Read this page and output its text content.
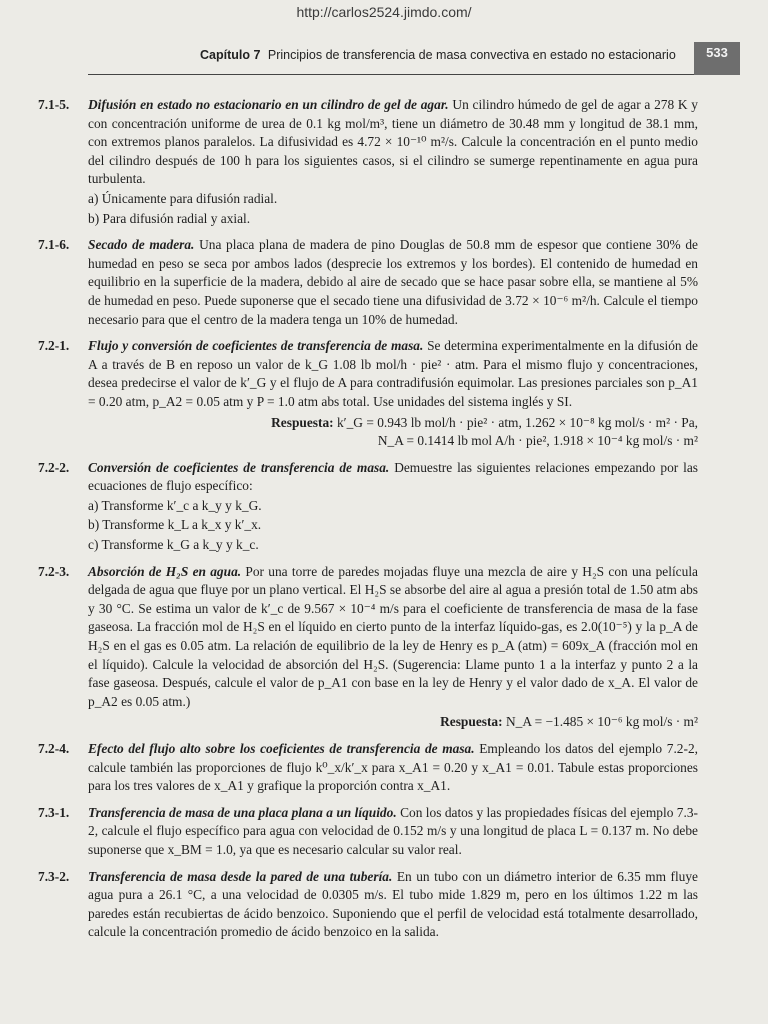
http://carlos2524.jimdo.com/
Capítulo 7 Principios de transferencia de masa convectiva en estado no estacionario	533
7.1-5. Difusión en estado no estacionario en un cilindro de gel de agar. Un cilindro húmedo de gel de agar a 278 K y con concentración uniforme de urea de 0.1 kg mol/m³, tiene un diámetro de 30.48 mm y longitud de 38.1 mm, con extremos planos paralelos. La difusividad es 4.72 × 10⁻¹⁰ m²/s. Calcule la concentración en el punto medio del cilindro después de 100 h para los siguientes casos, si el cilindro se sumerge repentinamente en agua pura turbulenta.
a) Únicamente para difusión radial.
b) Para difusión radial y axial.
7.1-6. Secado de madera. Una placa plana de madera de pino Douglas de 50.8 mm de espesor que contiene 30% de humedad en peso se seca por ambos lados (desprecie los extremos y los bordes). El contenido de humedad en equilibrio en la superficie de la madera, debido al aire de secado que se hace pasar sobre ella, se mantiene al 5% de humedad en peso. Puede suponerse que el secado tiene una difusividad de 3.72 × 10⁻⁶ m²/h. Calcule el tiempo necesario para que el centro de la madera tenga un 10% de humedad.
7.2-1. Flujo y conversión de coeficientes de transferencia de masa. Se determina experimentalmente en la difusión de A a través de B en reposo un valor de k_G 1.08 lb mol/h · pie² · atm. Para el mismo flujo y concentraciones, desea predecirse el valor de k′_G y el flujo de A para contradifusión equimolar. Las presiones parciales son p_A1 = 0.20 atm, p_A2 = 0.05 atm y P = 1.0 atm abs total. Use unidades del sistema inglés y SI.
Respuesta: k′_G = 0.943 lb mol/h · pie² · atm, 1.262 × 10⁻⁸ kg mol/s · m² · Pa,
N_A = 0.1414 lb mol A/h · pie², 1.918 × 10⁻⁴ kg mol/s · m²
7.2-2. Conversión de coeficientes de transferencia de masa. Demuestre las siguientes relaciones empezando por las ecuaciones de flujo específico:
a) Transforme k′_c a k_y y k_G.
b) Transforme k_L a k_x y k′_x.
c) Transforme k_G a k_y y k_c.
7.2-3. Absorción de H₂S en agua. Por una torre de paredes mojadas fluye una mezcla de aire y H₂S con una película delgada de agua que fluye por un plano vertical. El H₂S se absorbe del aire al agua a presión total de 1.50 atm abs y 30 °C. Se estima un valor de k′_c de 9.567 × 10⁻⁴ m/s para el coeficiente de transferencia de masa de la fase gaseosa. La fracción mol de H₂S en el líquido en cierto punto de la interfaz líquido-gas, es 2.0(10⁻⁵) y la p_A de H₂S en el gas es 0.05 atm. La relación de equilibrio de la ley de Henry es p_A (atm) = 609x_A (fracción mol en el líquido). Calcule la velocidad de absorción del H₂S. (Sugerencia: Llame punto 1 a la interfaz y punto 2 a la fase gaseosa. Después, calcule el valor de p_A1 con base en la ley de Henry y el valor dado de x_A. El valor de p_A2 es 0.05 atm.)
Respuesta: N_A = −1.485 × 10⁻⁶ kg mol/s · m²
7.2-4. Efecto del flujo alto sobre los coeficientes de transferencia de masa. Empleando los datos del ejemplo 7.2-2, calcule también las proporciones de flujo k⁰_x/k′_x para x_A1 = 0.20 y x_A1 = 0.01. Tabule estas proporciones para los tres valores de x_A1 y grafique la proporción contra x_A1.
7.3-1. Transferencia de masa de una placa plana a un líquido. Con los datos y las propiedades físicas del ejemplo 7.3-2, calcule el flujo específico para agua con velocidad de 0.152 m/s y una longitud de placa L = 0.137 m. No debe suponerse que x_BM = 1.0, ya que es necesario calcular su valor real.
7.3-2. Transferencia de masa desde la pared de una tubería. En un tubo con un diámetro interior de 6.35 mm fluye agua pura a 26.1 °C, a una velocidad de 0.0305 m/s. El tubo mide 1.829 m, pero en los últimos 1.22 m las paredes están recubiertas de ácido benzoico. Suponiendo que el perfil de velocidad está totalmente desarrollado, calcule la concentración promedio de ácido benzoico en la salida.
